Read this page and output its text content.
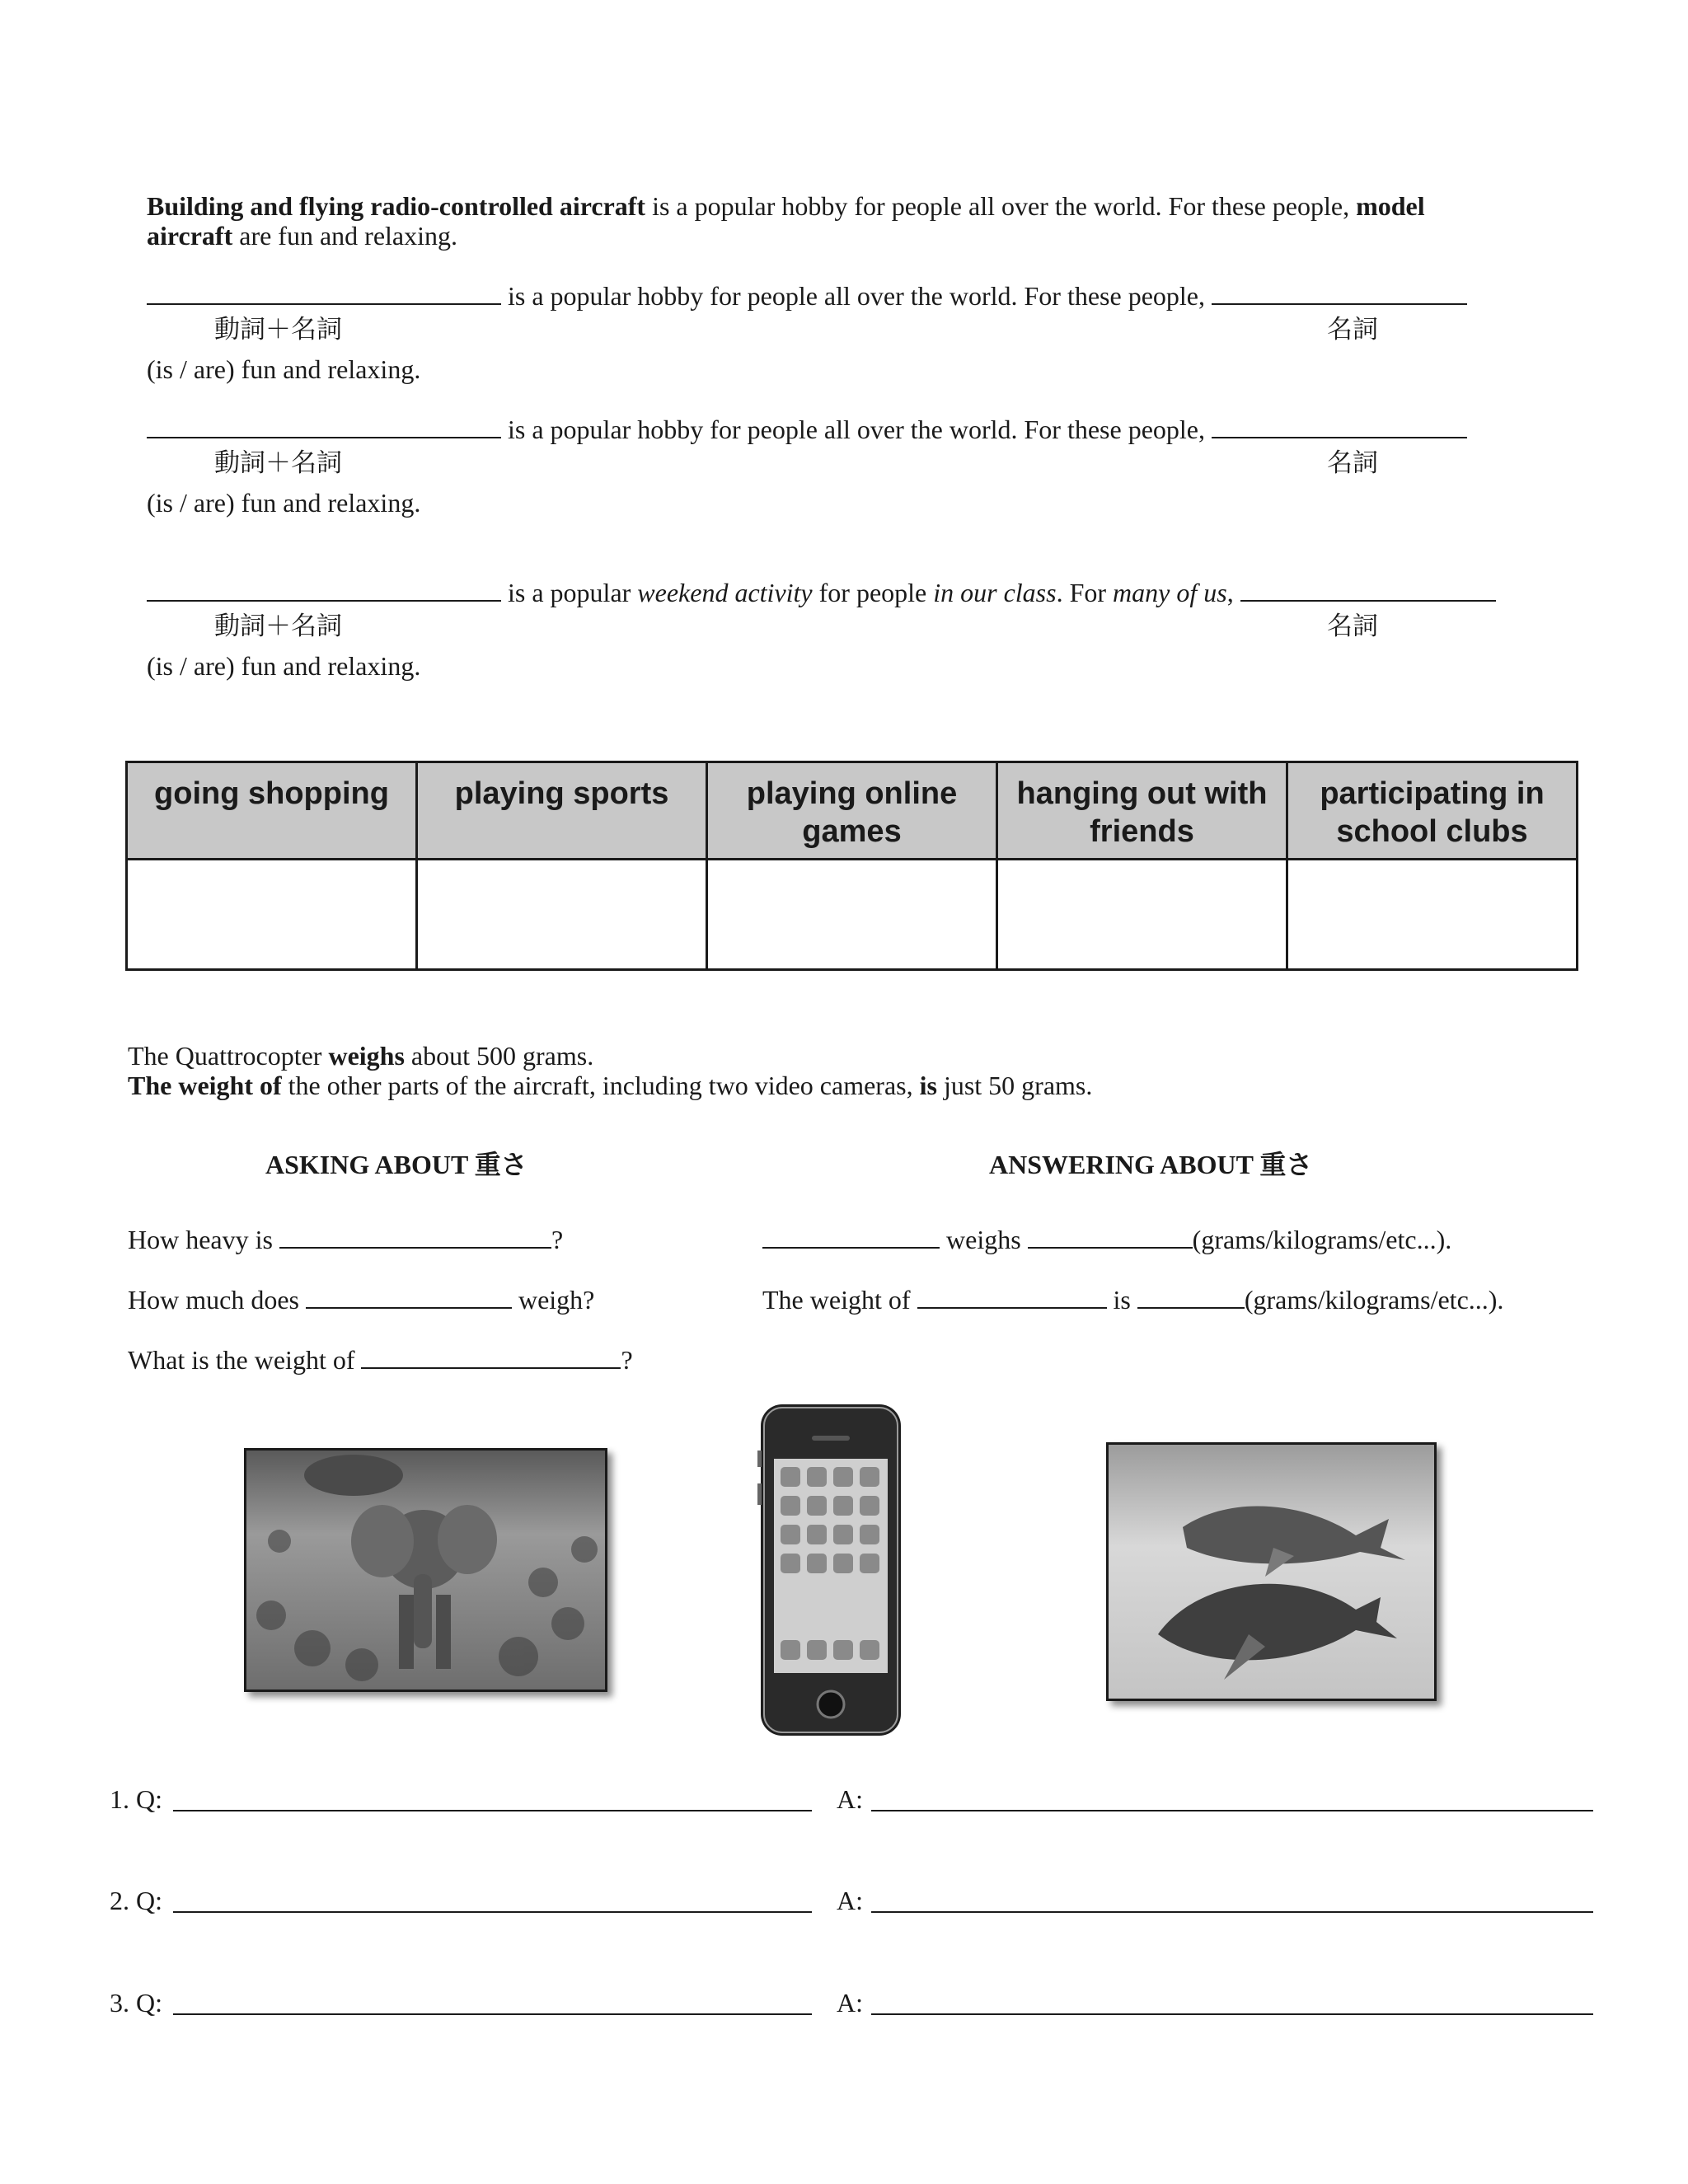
Building and flying radio-controlled aircraft is a popular hobby for people all over the world. For these people, model
aircraft are fun and relaxing.
is a popular hobby for people all over the world. For these people,
動詞＋名詞	名詞
(is / are) fun and relaxing.
is a popular hobby for people all over the world. For these people,
動詞＋名詞	名詞
(is / are) fun and relaxing.
is a popular weekend activity for people in our class. For many of us,
動詞＋名詞	名詞
(is / are) fun and relaxing.
going shopping	playing sports	playing online games	hanging out with friends	participating in school clubs

The Quattrocopter weighs about 500 grams.
The weight of the other parts of the aircraft, including two video cameras, is just 50 grams.
ASKING ABOUT 重さ	ANSWERING ABOUT 重さ
How heavy is	?
How much does	weigh?
What is the weight of	?
weighs	(grams/kilograms/etc...).
The weight of	is	(grams/kilograms/etc...).
1. Q:	A:
2. Q:	A:
3. Q:	A:
